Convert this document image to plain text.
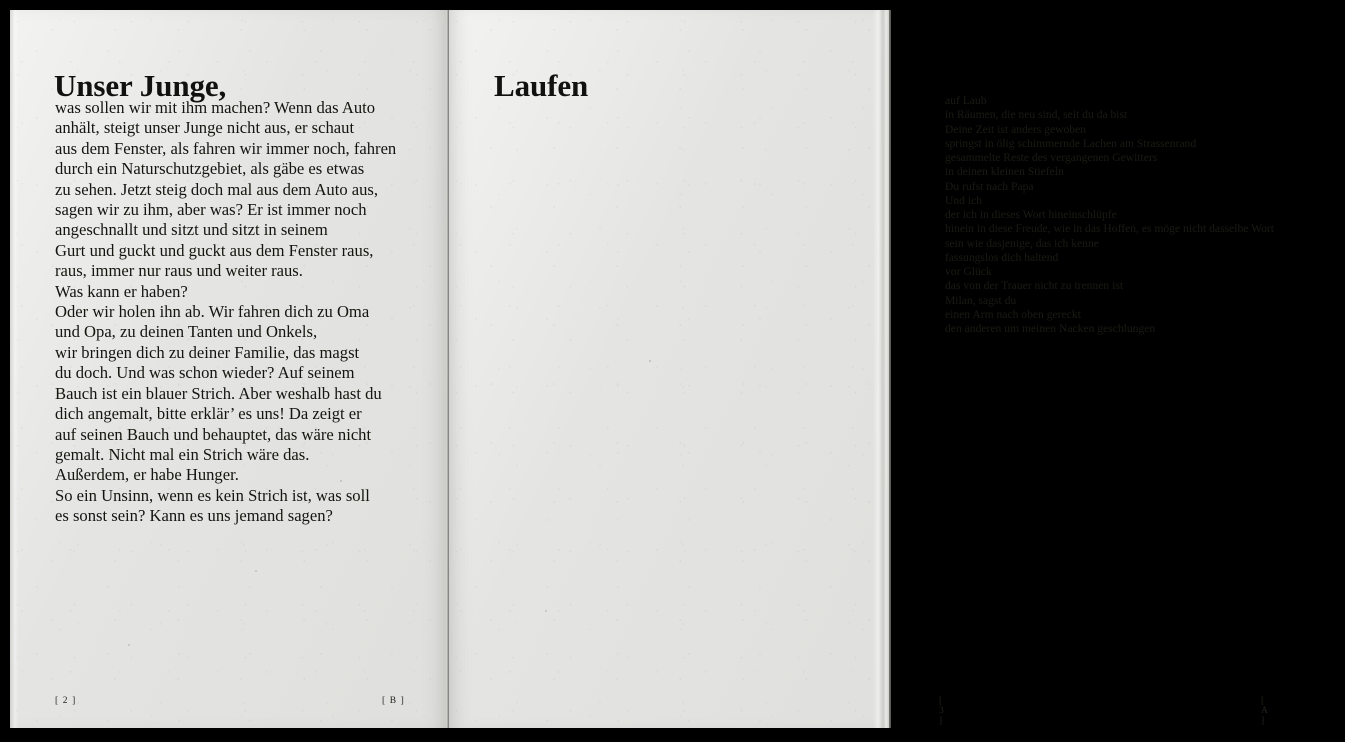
Unser Junge,
was sollen wir mit ihm machen? Wenn das Auto
anhält, steigt unser Junge nicht aus, er schaut
aus dem Fenster, als fahren wir immer noch, fahren
durch ein Naturschutzgebiet, als gäbe es etwas
zu sehen. Jetzt steig doch mal aus dem Auto aus,
sagen wir zu ihm, aber was? Er ist immer noch
angeschnallt und sitzt und sitzt in seinem
Gurt und guckt und guckt aus dem Fenster raus,
raus, immer nur raus und weiter raus.
Was kann er haben?
Oder wir holen ihn ab. Wir fahren dich zu Oma
und Opa, zu deinen Tanten und Onkels,
wir bringen dich zu deiner Familie, das magst
du doch. Und was schon wieder? Auf seinem
Bauch ist ein blauer Strich. Aber weshalb hast du
dich angemalt, bitte erklär’ es uns! Da zeigt er
auf seinen Bauch und behauptet, das wäre nicht
gemalt. Nicht mal ein Strich wäre das.
Außerdem, er habe Hunger.
So ein Unsinn, wenn es kein Strich ist, was soll
es sonst sein? Kann es uns jemand sagen?
[ 2 ]	[ B ]
Laufen	auf Laub
in Räumen, die neu sind, seit du da bist
Deine Zeit ist anders gewoben
springst in ölig schimmernde Lachen am Strassenrand
gesammelte Reste des vergangenen Gewitters
in deinen kleinen Stiefeln
Du rufst nach Papa
Und ich
der ich in dieses Wort hineinschlüpfe
hinein in diese Freude, wie in das Hoffen, es möge nicht dasselbe Wort
sein wie dasjenige, das ich kenne
fassungslos dich haltend
vor Glück
das von der Trauer nicht zu trennen ist
Milan, sagst du
einen Arm nach oben gereckt
den anderen um meinen Nacken geschlungen
[ 3 ]
[ A ]
